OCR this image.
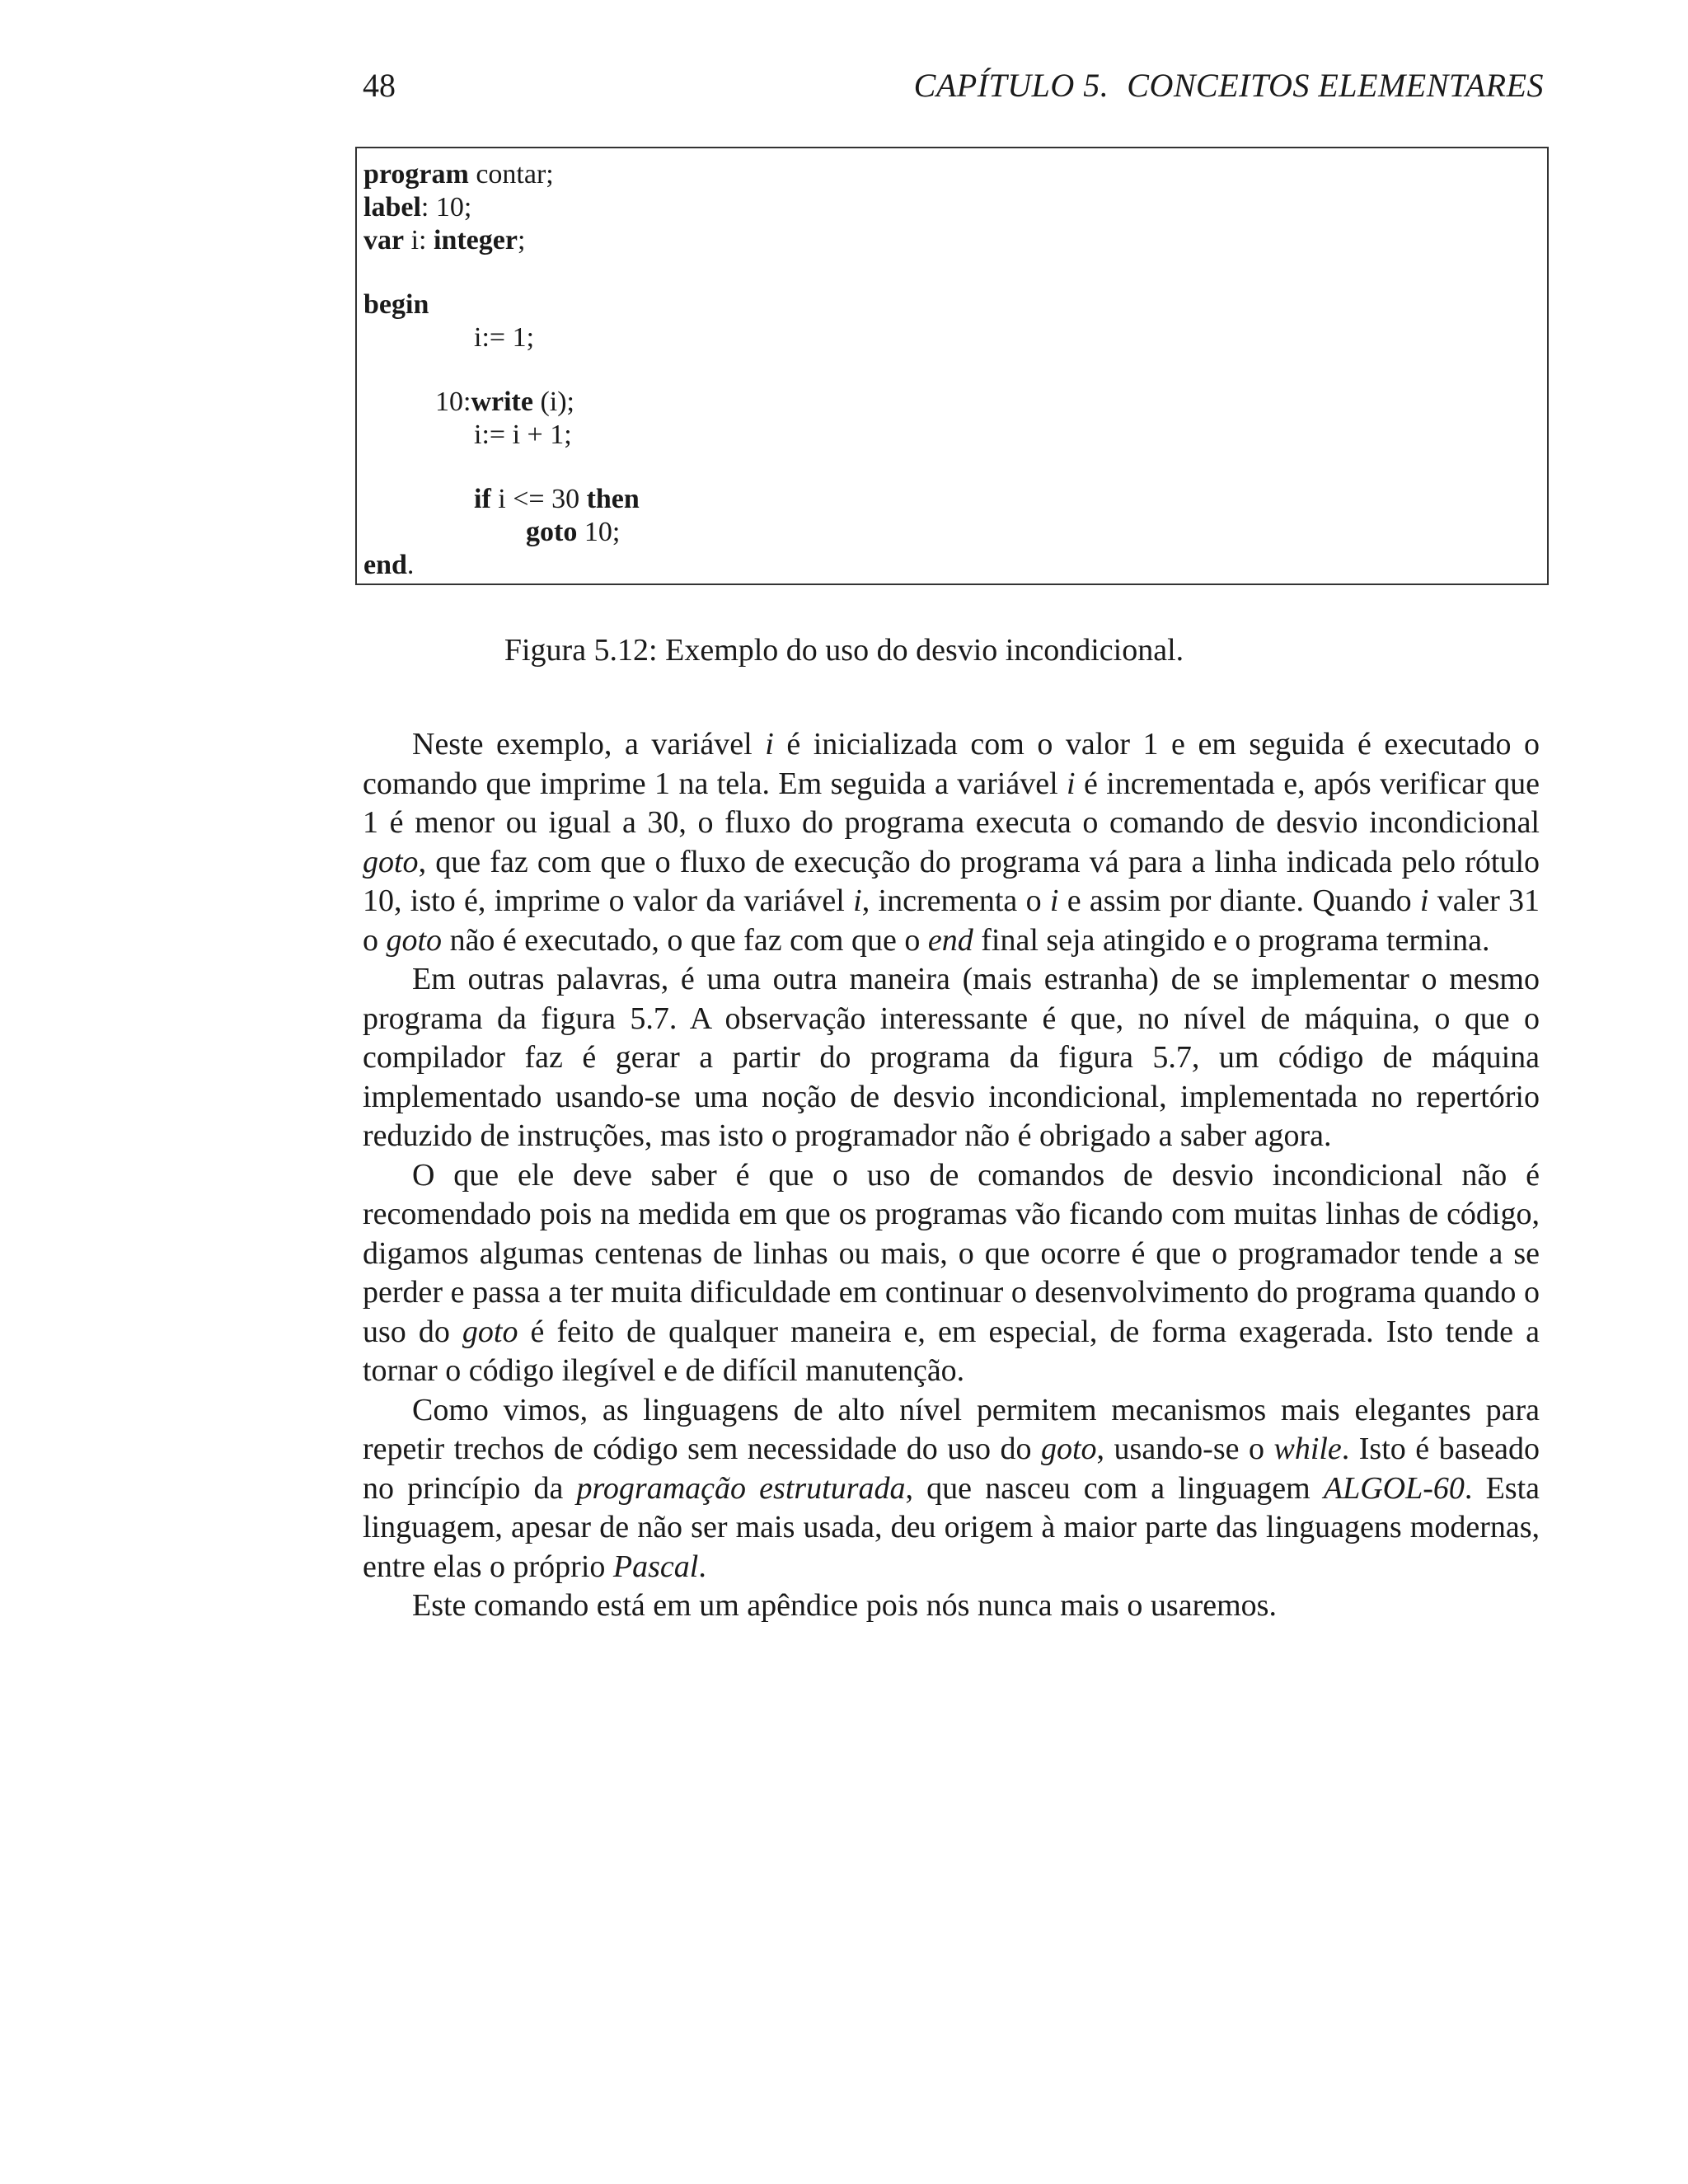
48	CAPÍTULO 5. CONCEITOS ELEMENTARES
program contar;
label: 10;
var i: integer;
begin
i:= 1;
10:write (i);
i:= i + 1;
if i <= 30 then
goto 10;
end.
Figura 5.12: Exemplo do uso do desvio incondicional.

Neste exemplo, a variável i é inicializada com o valor 1 e em seguida é executado o comando que imprime 1 na tela. Em seguida a variável i é incrementada e, após verificar que 1 é menor ou igual a 30, o fluxo do programa executa o comando de desvio incondicional goto, que faz com que o fluxo de execução do programa vá para a linha indicada pelo rótulo 10, isto é, imprime o valor da variável i, incrementa o i e assim por diante. Quando i valer 31 o goto não é executado, o que faz com que o end final seja atingido e o programa termina.

Em outras palavras, é uma outra maneira (mais estranha) de se implementar o mesmo programa da figura 5.7. A observação interessante é que, no nível de máquina, o que o compilador faz é gerar a partir do programa da figura 5.7, um código de máquina implementado usando-se uma noção de desvio incondicional, implementada no repertório reduzido de instruções, mas isto o programador não é obrigado a saber agora.

O que ele deve saber é que o uso de comandos de desvio incondicional não é recomendado pois na medida em que os programas vão ficando com muitas linhas de código, digamos algumas centenas de linhas ou mais, o que ocorre é que o programador tende a se perder e passa a ter muita dificuldade em continuar o desenvolvimento do programa quando o uso do goto é feito de qualquer maneira e, em especial, de forma exagerada. Isto tende a tornar o código ilegível e de difícil manutenção.

Como vimos, as linguagens de alto nível permitem mecanismos mais elegantes para repetir trechos de código sem necessidade do uso do goto, usando-se o while. Isto é baseado no princípio da programação estruturada, que nasceu com a linguagem ALGOL-60. Esta linguagem, apesar de não ser mais usada, deu origem à maior parte das linguagens modernas, entre elas o próprio Pascal.

Este comando está em um apêndice pois nós nunca mais o usaremos.
